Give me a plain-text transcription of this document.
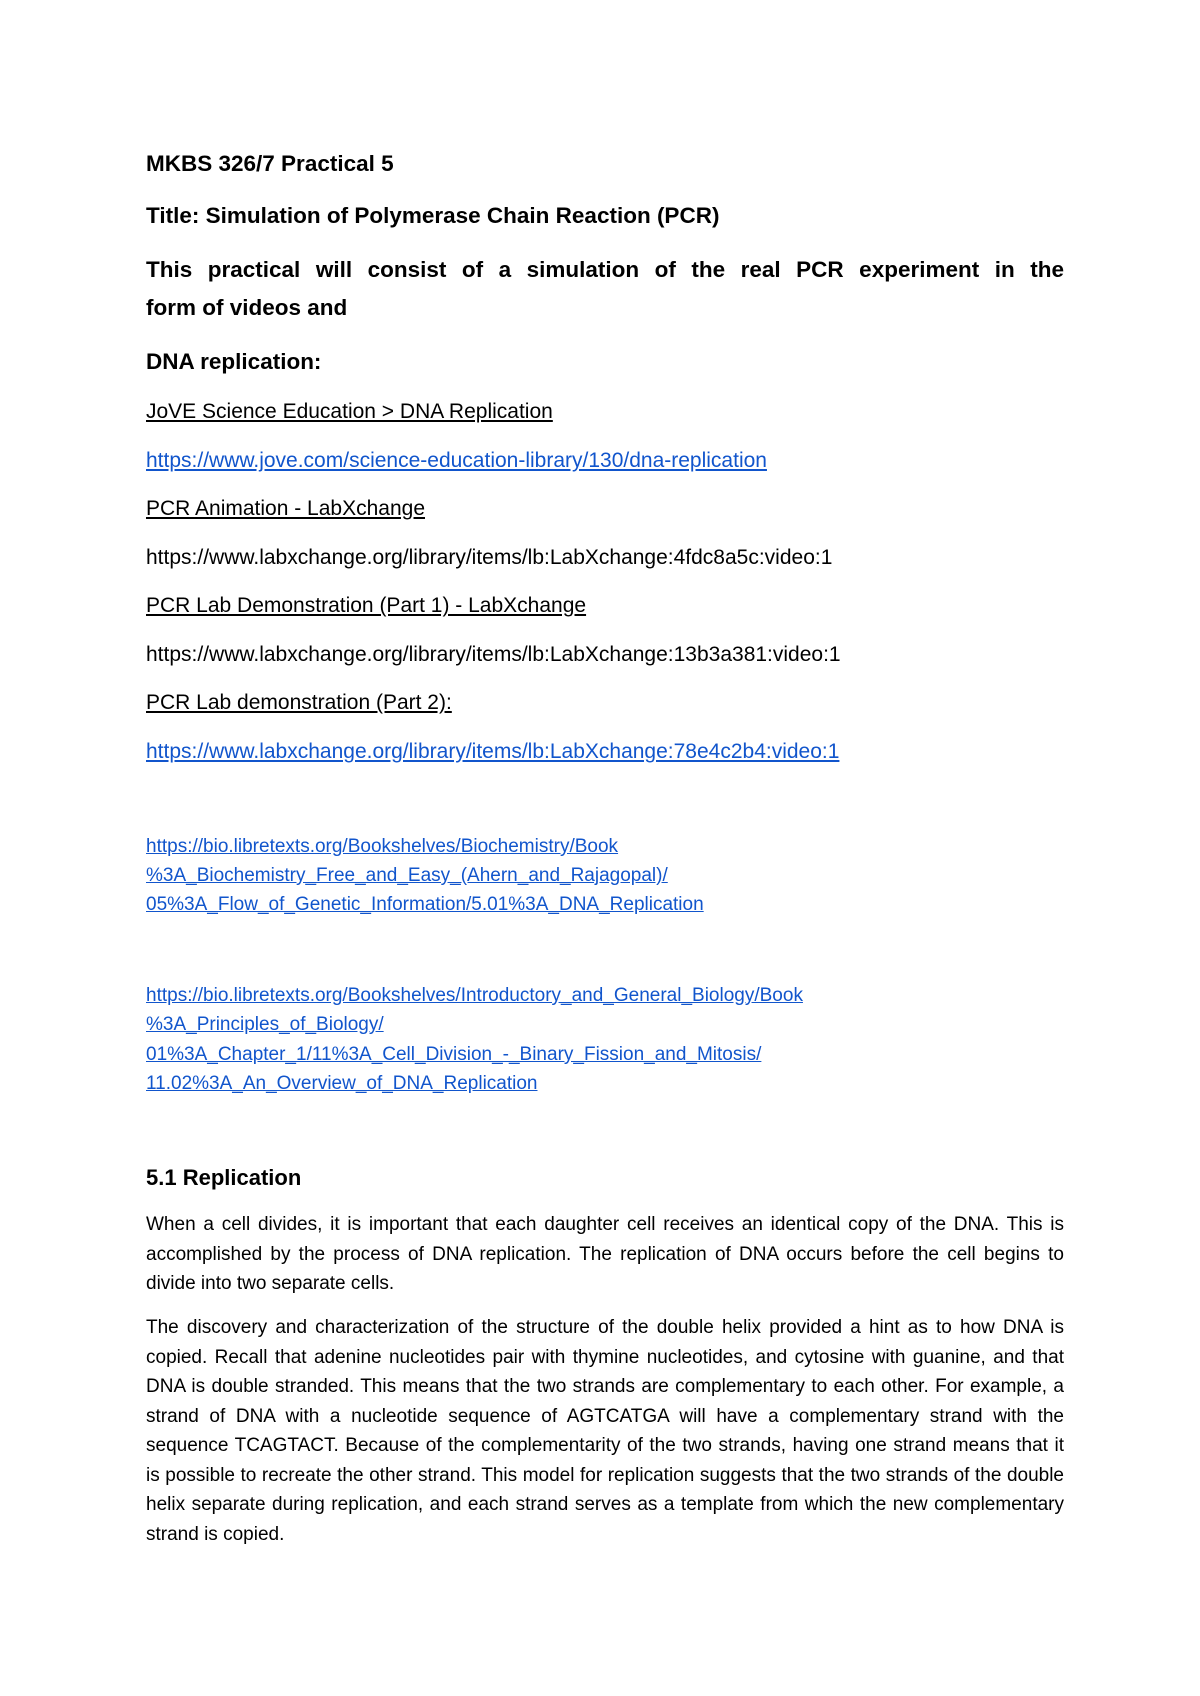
MKBS 326/7 Practical 5
Title: Simulation of Polymerase Chain Reaction (PCR)
This practical will consist of a simulation of the real PCR experiment in the
form of videos and
DNA replication:
JoVE Science Education > DNA Replication
https://www.jove.com/science-education-library/130/dna-replication
PCR Animation - LabXchange
https://www.labxchange.org/library/items/lb:LabXchange:4fdc8a5c:video:1
PCR Lab Demonstration (Part 1) - LabXchange
https://www.labxchange.org/library/items/lb:LabXchange:13b3a381:video:1
PCR Lab demonstration (Part 2):
https://www.labxchange.org/library/items/lb:LabXchange:78e4c2b4:video:1
https://bio.libretexts.org/Bookshelves/Biochemistry/Book
%3A_Biochemistry_Free_and_Easy_(Ahern_and_Rajagopal)/
05%3A_Flow_of_Genetic_Information/5.01%3A_DNA_Replication
https://bio.libretexts.org/Bookshelves/Introductory_and_General_Biology/Book
%3A_Principles_of_Biology/
01%3A_Chapter_1/11%3A_Cell_Division_-_Binary_Fission_and_Mitosis/
11.02%3A_An_Overview_of_DNA_Replication
5.1 Replication
When a cell divides, it is important that each daughter cell receives an identical copy of the DNA. This is accomplished by the process of DNA replication. The replication of DNA occurs before the cell begins to divide into two separate cells.
The discovery and characterization of the structure of the double helix provided a hint as to how DNA is copied. Recall that adenine nucleotides pair with thymine nucleotides, and cytosine with guanine, and that DNA is double stranded. This means that the two strands are complementary to each other. For example, a strand of DNA with a nucleotide sequence of AGTCATGA will have a complementary strand with the sequence TCAGTACT. Because of the complementarity of the two strands, having one strand means that it is possible to recreate the other strand. This model for replication suggests that the two strands of the double helix separate during replication, and each strand serves as a template from which the new complementary strand is copied.
